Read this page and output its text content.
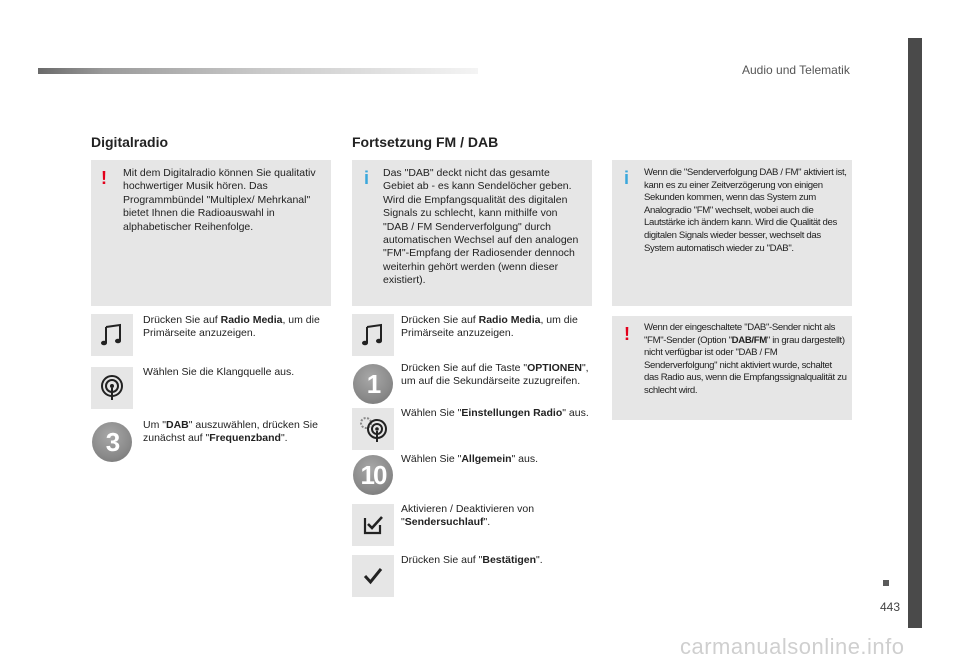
Audio und Telematik
Digitalradio
! Mit dem Digitalradio können Sie qualitativ hochwertiger Musik hören. Das Programmbündel "Multiplex/ Mehrkanal" bietet Ihnen die Radioauswahl in alphabetischer Reihenfolge.

Drücken Sie auf Radio Media, um die Primärseite anzuzeigen.
Wählen Sie die Klangquelle aus.
3
Um "DAB" auszuwählen, drücken Sie zunächst auf "Frequenzband".
Fortsetzung FM / DAB
i Das "DAB" deckt nicht das gesamte Gebiet ab - es kann Sendelöcher geben. Wird die Empfangsqualität des digitalen Signals zu schlecht, kann mithilfe von "DAB / FM Senderverfolgung" durch automatischen Wechsel auf den analogen "FM"-Empfang der Radiosender dennoch weiterhin gehört werden (wenn dieser existiert).

Drücken Sie auf Radio Media, um die Primärseite anzuzeigen.
1
Drücken Sie auf die Taste "OPTIONEN", um auf die Sekundärseite zuzugreifen.
Wählen Sie "Einstellungen Radio" aus.
10
Wählen Sie "Allgemein" aus.
Aktivieren / Deaktivieren von "Sendersuchlauf".
Drücken Sie auf "Bestätigen".
i Wenn die "Senderverfolgung DAB / FM" aktiviert ist, kann es zu einer Zeitverzögerung von einigen Sekunden kommen, wenn das System zum Analogradio "FM" wechselt, wobei auch die Lautstärke ich ändern kann. Wird die Qualität des digitalen Signals wieder besser, wechselt das System automatisch wieder zu "DAB".

! Wenn der eingeschaltete "DAB"-Sender nicht als "FM"-Sender (Option "DAB/FM" in grau dargestellt) nicht verfügbar ist oder "DAB / FM Senderverfolgung" nicht aktiviert wurde, schaltet das Radio aus, wenn die Empfangssignalqualität zu schlecht wird.

443
carmanualsonline.info
